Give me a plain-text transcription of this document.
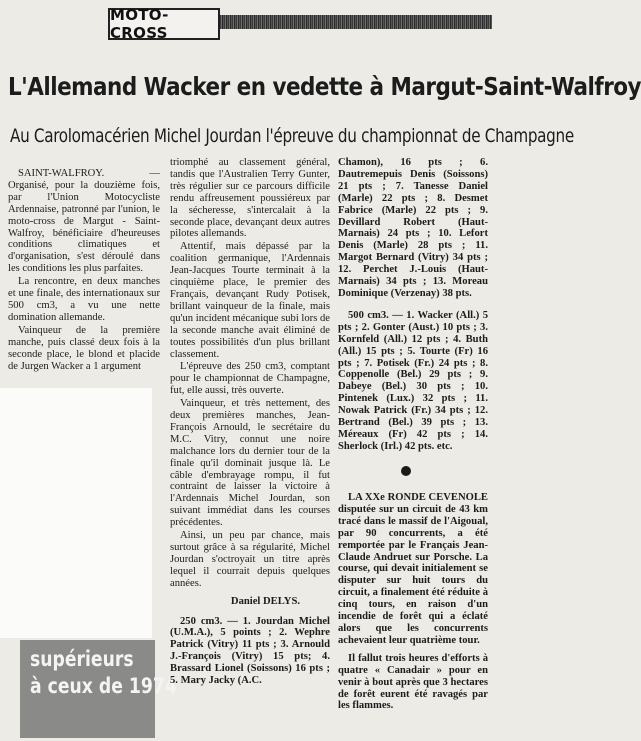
MOTO-CROSS
L'Allemand Wacker en vedette à Margut-Saint-Walfroy
Au Carolomacérien Michel Jourdan l'épreuve du championnat de Champagne

SAINT-WALFROY. — Organisé, pour la douzième fois, par l'Union Motocycliste Ardennaise, patronné par l'union, le moto-cross de Margut - Saint-Walfroy, bénéficiaire d'heureuses conditions climatiques et d'organisation, s'est déroulé dans les conditions les plus parfaites.

La rencontre, en deux manches et une finale, des internationaux sur 500 cm3, a vu une nette domination allemande.

Vainqueur de la première manche, puis classé deux fois à la seconde place, le blond et placide de Jurgen Wacker a 1 argument

supérieurs
à ceux de 1974

triomphé au classement général, tandis que l'Australien Terry Gunter, très régulier sur ce parcours difficile rendu affreusement poussiéreux par la sécheresse, s'intercalait à la seconde place, devançant deux autres pilotes allemands.

Attentif, mais dépassé par la coalition germanique, l'Ardennais Jean-Jacques Tourte terminait à la cinquième place, le premier des Français, devançant Rudy Potisek, brillant vainqueur de la finale, mais qu'un incident mécanique subi lors de la seconde manche avait éliminé de toutes possibilités d'un plus brillant classement.

L'épreuve des 250 cm3, comptant pour le championnat de Champagne, fut, elle aussi, très ouverte.

Vainqueur, et très nettement, des deux premières manches, Jean-François Arnould, le secrétaire du M.C. Vitry, connut une noire malchance lors du dernier tour de la finale qu'il dominait jusque là. Le câble d'embrayage rompu, il fut contraint de laisser la victoire à l'Ardennais Michel Jourdan, son suivant immédiat dans les courses précédentes.

Ainsi, un peu par chance, mais surtout grâce à sa régularité, Michel Jourdan s'octroyait un titre après lequel il courrait depuis quelques années.

Daniel DELYS.

250 cm3. — 1. Jourdan Michel (U.M.A.), 5 points ; 2. Wephre Patrick (Vitry) 11 pts ; 3. Arnould J.-François (Vitry) 15 pts; 4. Brassard Lionel (Soissons) 16 pts ; 5. Mary Jacky (A.C.

Chamon), 16 pts ; 6. Dautremepuis Denis (Soissons) 21 pts ; 7. Tanesse Daniel (Marle) 22 pts ; 8. Desmet Fabrice (Marle) 22 pts ; 9. Devillard Robert (Haut-Marnais) 24 pts ; 10. Lefort Denis (Marle) 28 pts ; 11. Margot Bernard (Vitry) 34 pts ; 12. Perchet J.-Louis (Haut-Marnais) 34 pts ; 13. Moreau Dominique (Verzenay) 38 pts.

500 cm3. — 1. Wacker (All.) 5 pts ; 2. Gonter (Aust.) 10 pts ; 3. Kornfeld (All.) 12 pts ; 4. Buth (All.) 15 pts ; 5. Tourte (Fr) 16 pts ; 7. Potisek (Fr.) 24 pts ; 8. Coppenolle (Bel.) 29 pts ; 9. Dabeye (Bel.) 30 pts ; 10. Pintenek (Lux.) 32 pts ; 11. Nowak Patrick (Fr.) 34 pts ; 12. Bertrand (Bel.) 39 pts ; 13. Méreaux (Fr) 42 pts ; 14. Sherlock (Irl.) 42 pts. etc.

LA XXe RONDE CEVENOLE disputée sur un circuit de 43 km tracé dans le massif de l'Aigoual, par 90 concurrents, a été remportée par le Français Jean-Claude Andruet sur Porsche. La course, qui devait initialement se disputer sur huit tours du circuit, a finalement été réduite à cinq tours, en raison d'un incendie de forêt qui a éclaté alors que les concurrents achevaient leur quatrième tour.

Il fallut trois heures d'efforts à quatre « Canadair » pour en venir à bout après que 3 hectares de forêt eurent été ravagés par les flammes.
